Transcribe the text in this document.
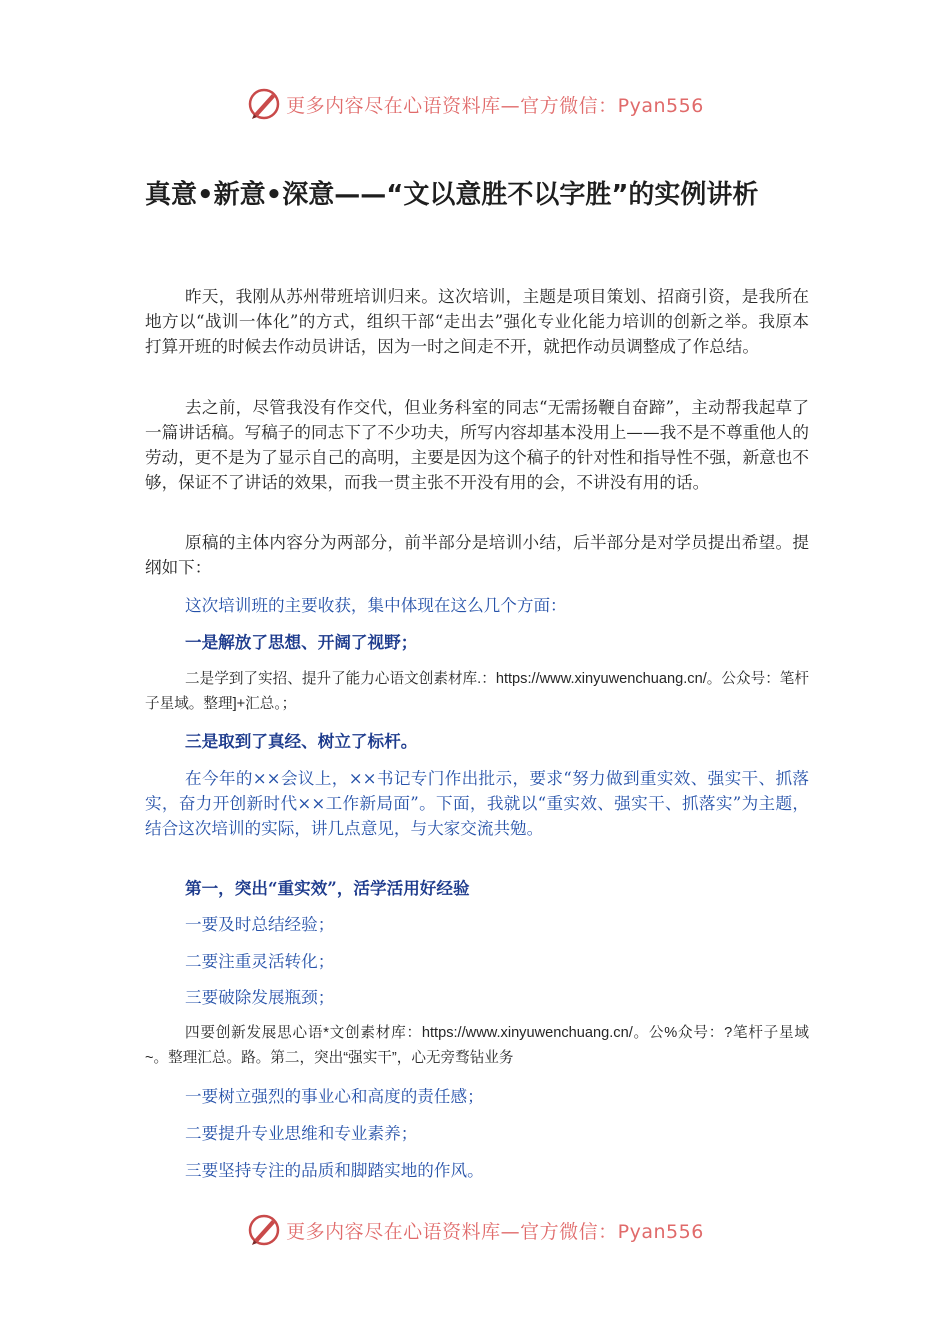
更多内容尽在心语资料库—官方微信：Pyan556
真意•新意•深意——“文以意胜不以字胜”的实例讲析

昨天，我刚从苏州带班培训归来。这次培训，主题是项目策划、招商引资，是我所在地方以“战训一体化”的方式，组织干部“走出去”强化专业化能力培训的创新之举。我原本打算开班的时候去作动员讲话，因为一时之间走不开，就把作动员调整成了作总结。

去之前，尽管我没有作交代，但业务科室的同志“无需扬鞭自奋蹄”，主动帮我起草了一篇讲话稿。写稿子的同志下了不少功夫，所写内容却基本没用上——我不是不尊重他人的劳动，更不是为了显示自己的高明，主要是因为这个稿子的针对性和指导性不强，新意也不够，保证不了讲话的效果，而我一贯主张不开没有用的会，不讲没有用的话。

原稿的主体内容分为两部分，前半部分是培训小结，后半部分是对学员提出希望。提纲如下：

这次培训班的主要收获，集中体现在这么几个方面：

一是解放了思想、开阔了视野；

二是学到了实招、提升了能力心语文创素材库.：https://www.xinyuwenchuang.cn/。公众号：笔杆子星域。整理]+汇总。；

三是取到了真经、树立了标杆。

在今年的××会议上，××书记专门作出批示，要求“努力做到重实效、强实干、抓落实，奋力开创新时代××工作新局面”。下面，我就以“重实效、强实干、抓落实”为主题，结合这次培训的实际，讲几点意见，与大家交流共勉。

第一，突出“重实效”，活学活用好经验

一要及时总结经验；

二要注重灵活转化；

三要破除发展瓶颈；

四要创新发展思心语*文创素材库：https://www.xinyuwenchuang.cn/。公%众号：?笔杆子星域~。整理汇总。路。第二，突出“强实干”，心无旁骛钻业务

一要树立强烈的事业心和高度的责任感；

二要提升专业思维和专业素养；

三要坚持专注的品质和脚踏实地的作风。

更多内容尽在心语资料库—官方微信：Pyan556
